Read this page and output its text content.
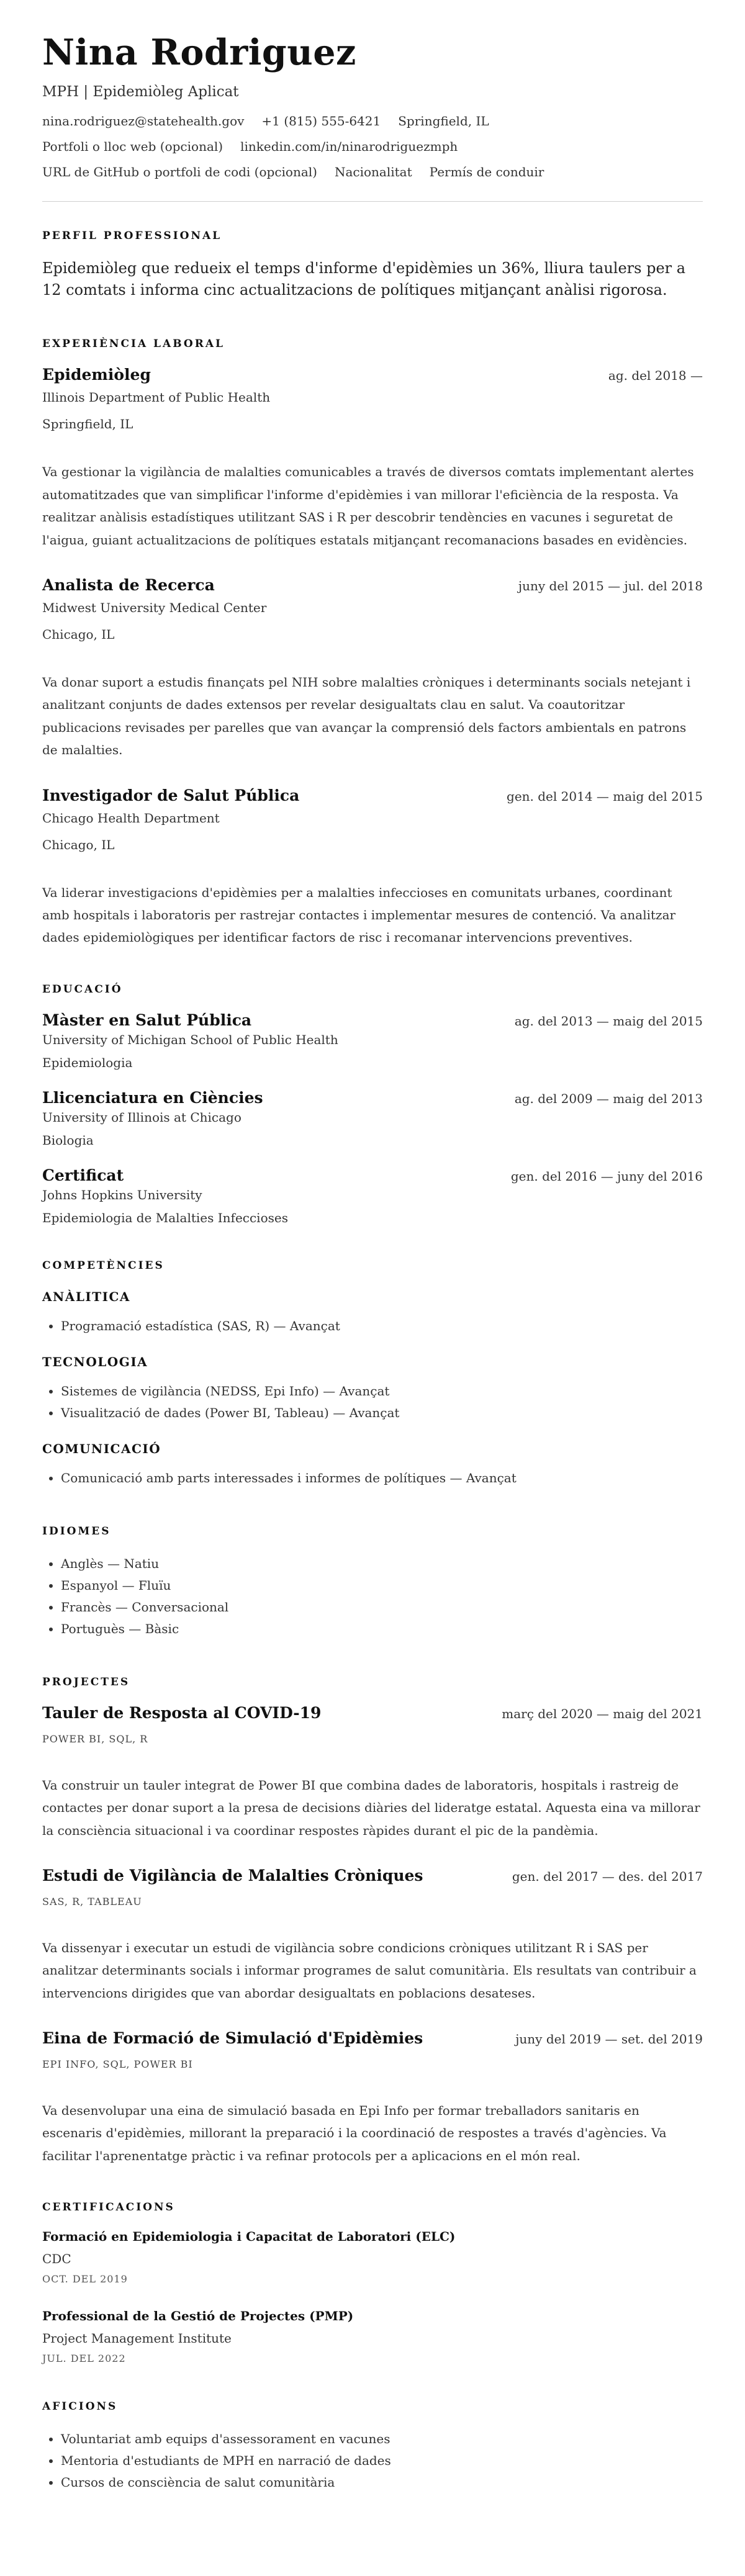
Nina Rodriguez
MPH | Epidemiòleg Aplicat
nina.rodriguez@statehealth.gov +1 (815) 555-6421 Springfield, IL
Portfoli o lloc web (opcional) linkedin.com/in/ninarodriguezmph
URL de GitHub o portfoli de codi (opcional) Nacionalitat Permís de conduir
PERFIL PROFESSIONAL
Epidemiòleg que redueix el temps d'informe d'epidèmies un 36%, lliura taulers per a 12 comtats i informa cinc actualitzacions de polítiques mitjançant anàlisi rigorosa.
EXPERIÈNCIA LABORAL
Epidemiòleg	ag. del 2018 —
Illinois Department of Public Health
Springfield, IL
Va gestionar la vigilància de malalties comunicables a través de diversos comtats implementant alertes automatitzades que van simplificar l'informe d'epidèmies i van millorar l'eficiència de la resposta. Va realitzar anàlisis estadístiques utilitzant SAS i R per descobrir tendències en vacunes i seguretat de l'aigua, guiant actualitzacions de polítiques estatals mitjançant recomanacions basades en evidències.
Analista de Recerca	juny del 2015 — jul. del 2018
Midwest University Medical Center
Chicago, IL
Va donar suport a estudis finançats pel NIH sobre malalties cròniques i determinants socials netejant i analitzant conjunts de dades extensos per revelar desigualtats clau en salut. Va coautoritzar publicacions revisades per parelles que van avançar la comprensió dels factors ambientals en patrons de malalties.
Investigador de Salut Pública	gen. del 2014 — maig del 2015
Chicago Health Department
Chicago, IL
Va liderar investigacions d'epidèmies per a malalties infeccioses en comunitats urbanes, coordinant amb hospitals i laboratoris per rastrejar contactes i implementar mesures de contenció. Va analitzar dades epidemiològiques per identificar factors de risc i recomanar intervencions preventives.
EDUCACIÓ
Màster en Salut Pública	ag. del 2013 — maig del 2015
University of Michigan School of Public Health
Epidemiologia
Llicenciatura en Ciències	ag. del 2009 — maig del 2013
University of Illinois at Chicago
Biologia
Certificat	gen. del 2016 — juny del 2016
Johns Hopkins University
Epidemiologia de Malalties Infeccioses
COMPETÈNCIES
ANÀLITICA
• Programació estadística (SAS, R) — Avançat
TECNOLOGIA
• Sistemes de vigilància (NEDSS, Epi Info) — Avançat
• Visualització de dades (Power BI, Tableau) — Avançat
COMUNICACIÓ
• Comunicació amb parts interessades i informes de polítiques — Avançat
IDIOMES
• Anglès — Natiu
• Espanyol — Fluïu
• Francès — Conversacional
• Portuguès — Bàsic
PROJECTES
Tauler de Resposta al COVID-19	març del 2020 — maig del 2021
POWER BI, SQL, R
Va construir un tauler integrat de Power BI que combina dades de laboratoris, hospitals i rastreig de contactes per donar suport a la presa de decisions diàries del lideratge estatal. Aquesta eina va millorar la consciència situacional i va coordinar respostes ràpides durant el pic de la pandèmia.
Estudi de Vigilància de Malalties Cròniques	gen. del 2017 — des. del 2017
SAS, R, TABLEAU
Va dissenyar i executar un estudi de vigilància sobre condicions cròniques utilitzant R i SAS per analitzar determinants socials i informar programes de salut comunitària. Els resultats van contribuir a intervencions dirigides que van abordar desigualtats en poblacions desateses.
Eina de Formació de Simulació d'Epidèmies	juny del 2019 — set. del 2019
EPI INFO, SQL, POWER BI
Va desenvolupar una eina de simulació basada en Epi Info per formar treballadors sanitaris en escenaris d'epidèmies, millorant la preparació i la coordinació de respostes a través d'agències. Va facilitar l'aprenentatge pràctic i va refinar protocols per a aplicacions en el món real.
CERTIFICACIONS
Formació en Epidemiologia i Capacitat de Laboratori (ELC)
CDC
OCT. DEL 2019
Professional de la Gestió de Projectes (PMP)
Project Management Institute
JUL. DEL 2022
AFICIONS
• Voluntariat amb equips d'assessorament en vacunes
• Mentoria d'estudiants de MPH en narració de dades
• Cursos de consciència de salut comunitària
